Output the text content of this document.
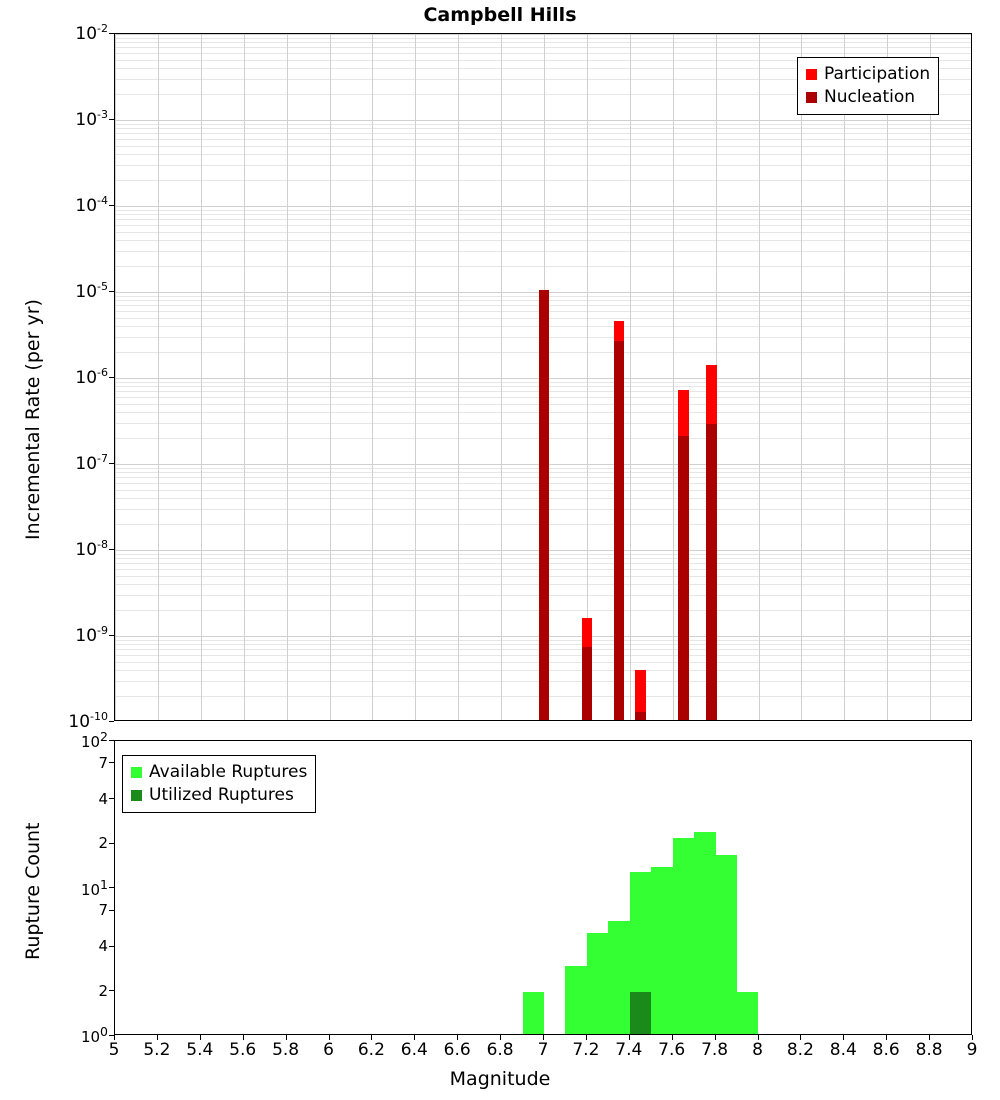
Campbell Hills
Incremental Rate (per yr)
Participation
Nucleation
Rupture Count
Available Ruptures
Utilized Ruptures
Magnitude
$10^{-2}$
$10^{-3}$
$10^{-4}$
$10^{-5}$
$10^{-6}$
$10^{-7}$
$10^{-8}$
$10^{-9}$
$10^{-10}$
$10^2$
7
4
2
$10^1$
7
4
2
$10^0$
5 5.2 5.4 5.6 5.8 6 6.2 6.4 6.6 6.8 7 7.2 7.4 7.6 7.8 8 8.2 8.4 8.6 8.8 9
